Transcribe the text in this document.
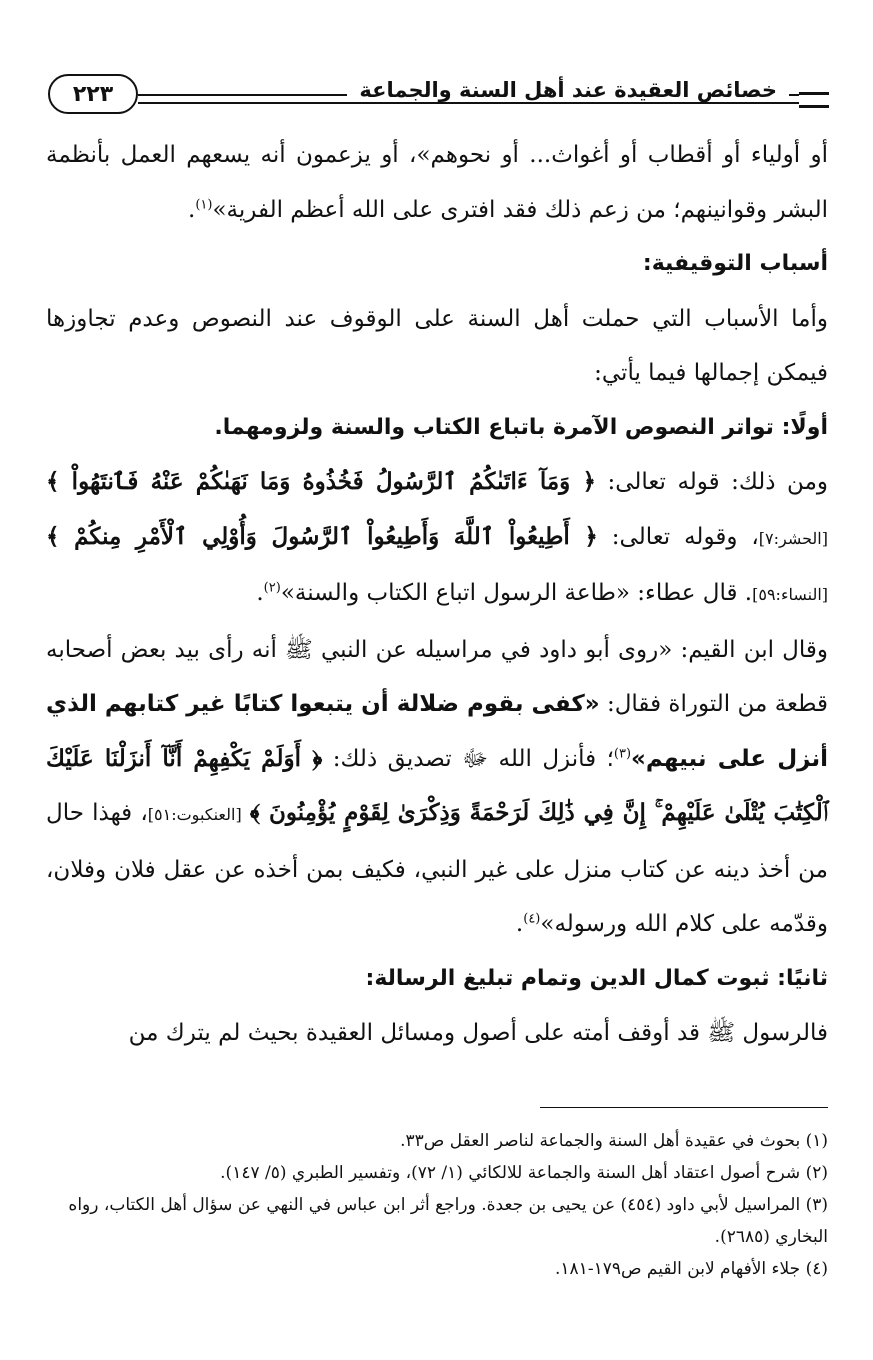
خصائص العقيدة عند أهل السنة والجماعة
٢٢٣

أو أولياء أو أقطاب أو أغواث... أو نحوهم»، أو يزعمون أنه يسعهم العمل بأنظمة البشر وقوانينهم؛ من زعم ذلك فقد افترى على الله أعظم الفرية»$^{(١)}$.

أسباب التوقيفية:

وأما الأسباب التي حملت أهل السنة على الوقوف عند النصوص وعدم تجاوزها فيمكن إجمالها فيما يأتي:

أولًا: تواتر النصوص الآمرة باتباع الكتاب والسنة ولزومهما.

ومن ذلك: قوله تعالى: ﴿ وَمَآ ءَاتَىٰكُمُ ٱلرَّسُولُ فَخُذُوهُ وَمَا نَهَىٰكُمْ عَنْهُ فَٱنتَهُواْ ﴾ [الحشر:٧]، وقوله تعالى: ﴿ أَطِيعُواْ ٱللَّهَ وَأَطِيعُواْ ٱلرَّسُولَ وَأُوْلِي ٱلْأَمْرِ مِنكُمْ ﴾ [النساء:٥٩]. قال عطاء: «طاعة الرسول اتباع الكتاب والسنة»$^{(٢)}$.

وقال ابن القيم: «روى أبو داود في مراسيله عن النبي ﷺ أنه رأى بيد بعض أصحابه قطعة من التوراة فقال: «كفى بقوم ضلالة أن يتبعوا كتابًا غير كتابهم الذي أنزل على نبيهم»$^{(٣)}$؛ فأنزل الله ﷻ تصديق ذلك: ﴿ أَوَلَمْ يَكْفِهِمْ أَنَّآ أَنزَلْنَا عَلَيْكَ ٱلْكِتَٰبَ يُتْلَىٰ عَلَيْهِمْ ۚ إِنَّ فِي ذَٰلِكَ لَرَحْمَةً وَذِكْرَىٰ لِقَوْمٍ يُؤْمِنُونَ ﴾ [العنكبوت:٥١]، فهذا حال من أخذ دينه عن كتاب منزل على غير النبي، فكيف بمن أخذه عن عقل فلان وفلان، وقدّمه على كلام الله ورسوله»$^{(٤)}$.

ثانيًا: ثبوت كمال الدين وتمام تبليغ الرسالة:

فالرسول ﷺ قد أوقف أمته على أصول ومسائل العقيدة بحيث لم يترك من

(١) بحوث في عقيدة أهل السنة والجماعة لناصر العقل ص٣٣.

(٢) شرح أصول اعتقاد أهل السنة والجماعة للالكائي (١/ ٧٢)، وتفسير الطبري (٥/ ١٤٧).

(٣) المراسيل لأبي داود (٤٥٤) عن يحيى بن جعدة. وراجع أثر ابن عباس في النهي عن سؤال أهل الكتاب، رواه البخاري (٢٦٨٥).

(٤) جلاء الأفهام لابن القيم ص١٧٩-١٨١.
